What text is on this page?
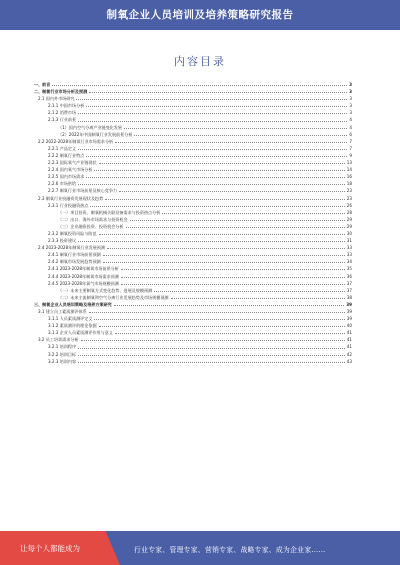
制氧企业人员培训及培养策略研究报告
内容目录
一、前言	3
二、制氧行业市场分析及预测	3
2.1 国内外市场研究	3
2.1.1 中国市场分析	3
2.1.2 消费市场	3
2.1.3 行业前景	4
（1）国内空气分离产业链变化发展	4
（2）2022年中国制氧行业发展前景分析	6
2.2 2022-2028年制氧行业市场需求分析	7
2.2.1 产品定义	7
2.2.2 制氧行业特点	9
2.2.3 国际氧气产业链现状	13
2.2.4 国内氧气市场分析	14
2.2.5 国内市场需求	16
2.2.6 市场供给	18
2.2.7 制氧行业市场前景及核心竞争力	23
2.3 制氧行业投融资发展现状及趋势	23
2.3.1 行业投融资热点	26
（一）项目投资、制氧机械关联设备需求与投资热点分析	28
（二）出口、海外市场需求与投资机会	29
（三）企业融资投资、投资机会分析	29
2.3.2 制氧投资风险与防范	30
2.3.3 投资建议	31
2.4 2023-2028年制氧行业发展预测	33
2.4.1 制氧行业市场前景预测	33
2.4.2 制氧市场发展趋势预测	34
2.4.3 2023-2028年制氧市场前景分析	35
2.4.4 2023-2028年制氧市场需求预测	36
2.4.5 2023-2028年氧气市场规模预测	37
（一）未来主要制氧方式变化趋势、进展及规模预测	37
（二）未来主流制氧和空气分离行业发展趋势及市场规模预测	38
三、制氧企业人员培训策略及培养方案研究	39
3.1 建立员工素质测评体系	39
3.1.1 人员素质测评定义	39
3.1.2 素质测评的理论依据	40
3.1.3 企业人员素质测评作用与意义	41
3.2 员工培训需求分析	41
3.2.1 培训程序	41
3.2.2 培训目标	42
3.2.3 培训内容	43
让每个人都能成为	行业专家、管理专家、营销专家、战略专家、成为企业家……
